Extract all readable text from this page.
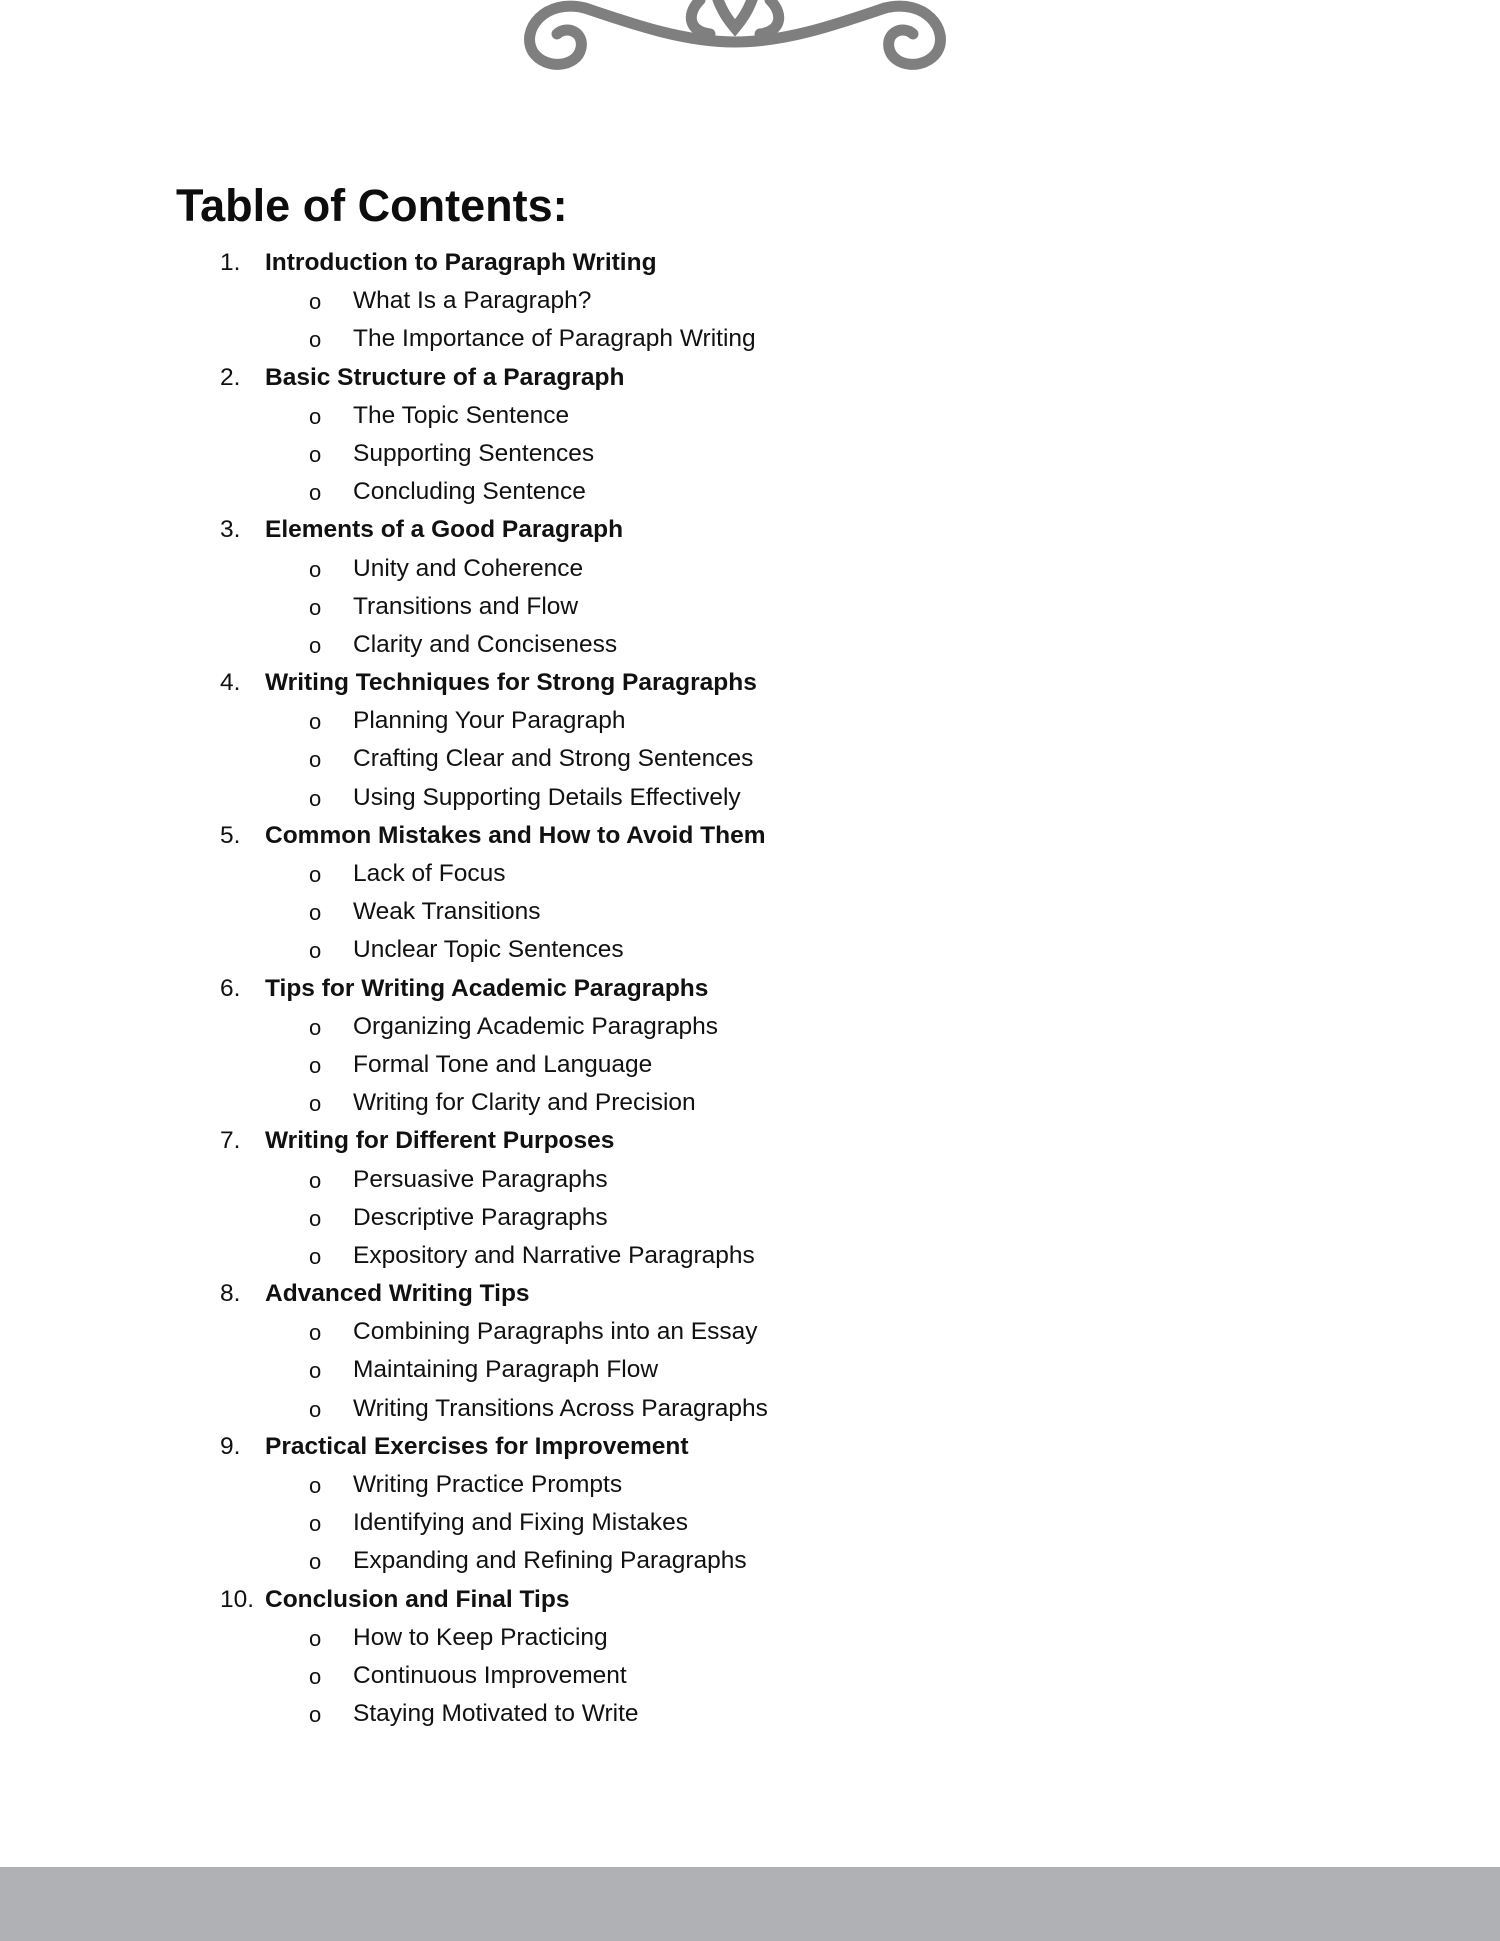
Table of Contents:
1. Introduction to Paragraph Writing
o What Is a Paragraph?
o The Importance of Paragraph Writing
2. Basic Structure of a Paragraph
o The Topic Sentence
o Supporting Sentences
o Concluding Sentence
3. Elements of a Good Paragraph
o Unity and Coherence
o Transitions and Flow
o Clarity and Conciseness
4. Writing Techniques for Strong Paragraphs
o Planning Your Paragraph
o Crafting Clear and Strong Sentences
o Using Supporting Details Effectively
5. Common Mistakes and How to Avoid Them
o Lack of Focus
o Weak Transitions
o Unclear Topic Sentences
6. Tips for Writing Academic Paragraphs
o Organizing Academic Paragraphs
o Formal Tone and Language
o Writing for Clarity and Precision
7. Writing for Different Purposes
o Persuasive Paragraphs
o Descriptive Paragraphs
o Expository and Narrative Paragraphs
8. Advanced Writing Tips
o Combining Paragraphs into an Essay
o Maintaining Paragraph Flow
o Writing Transitions Across Paragraphs
9. Practical Exercises for Improvement
o Writing Practice Prompts
o Identifying and Fixing Mistakes
o Expanding and Refining Paragraphs
10. Conclusion and Final Tips
o How to Keep Practicing
o Continuous Improvement
o Staying Motivated to Write
